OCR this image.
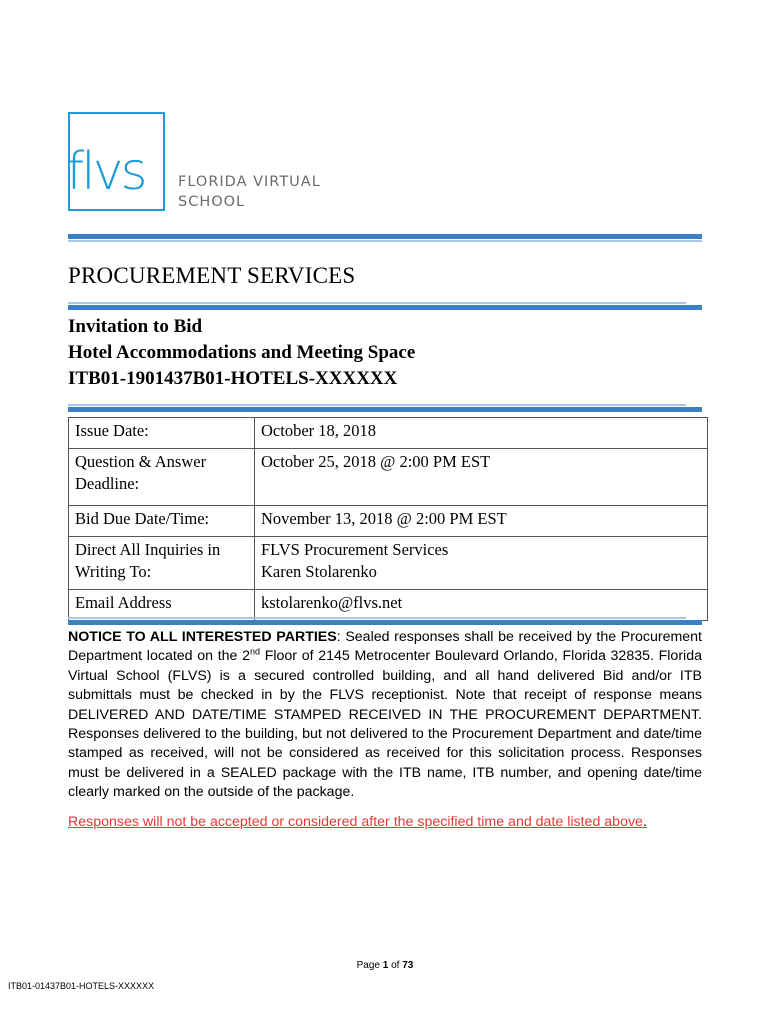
flvs FLORIDA VIRTUAL
SCHOOL
PROCUREMENT SERVICES
Invitation to Bid
Hotel Accommodations and Meeting Space
ITB01-1901437B01-HOTELS-XXXXXX
Issue Date:	October 18, 2018
Question & Answer Deadline:	October 25, 2018 @ 2:00 PM EST
Bid Due Date/Time:	November 13, 2018 @ 2:00 PM EST
Direct All Inquiries in Writing To:	FLVS Procurement Services
Karen Stolarenko

Email Address	kstolarenko@flvs.net
NOTICE TO ALL INTERESTED PARTIES: Sealed responses shall be received by the Procurement Department located on the 2nd Floor of 2145 Metrocenter Boulevard Orlando, Florida 32835. Florida Virtual School (FLVS) is a secured controlled building, and all hand delivered Bid and/or ITB submittals must be checked in by the FLVS receptionist. Note that receipt of response means DELIVERED AND DATE/TIME STAMPED RECEIVED IN THE PROCUREMENT DEPARTMENT. Responses delivered to the building, but not delivered to the Procurement Department and date/time stamped as received, will not be considered as received for this solicitation process. Responses must be delivered in a SEALED package with the ITB name, ITB number, and opening date/time clearly marked on the outside of the package.
Responses will not be accepted or considered after the specified time and date listed above.
Page 1 of 73
ITB01-01437B01-HOTELS-XXXXXX
